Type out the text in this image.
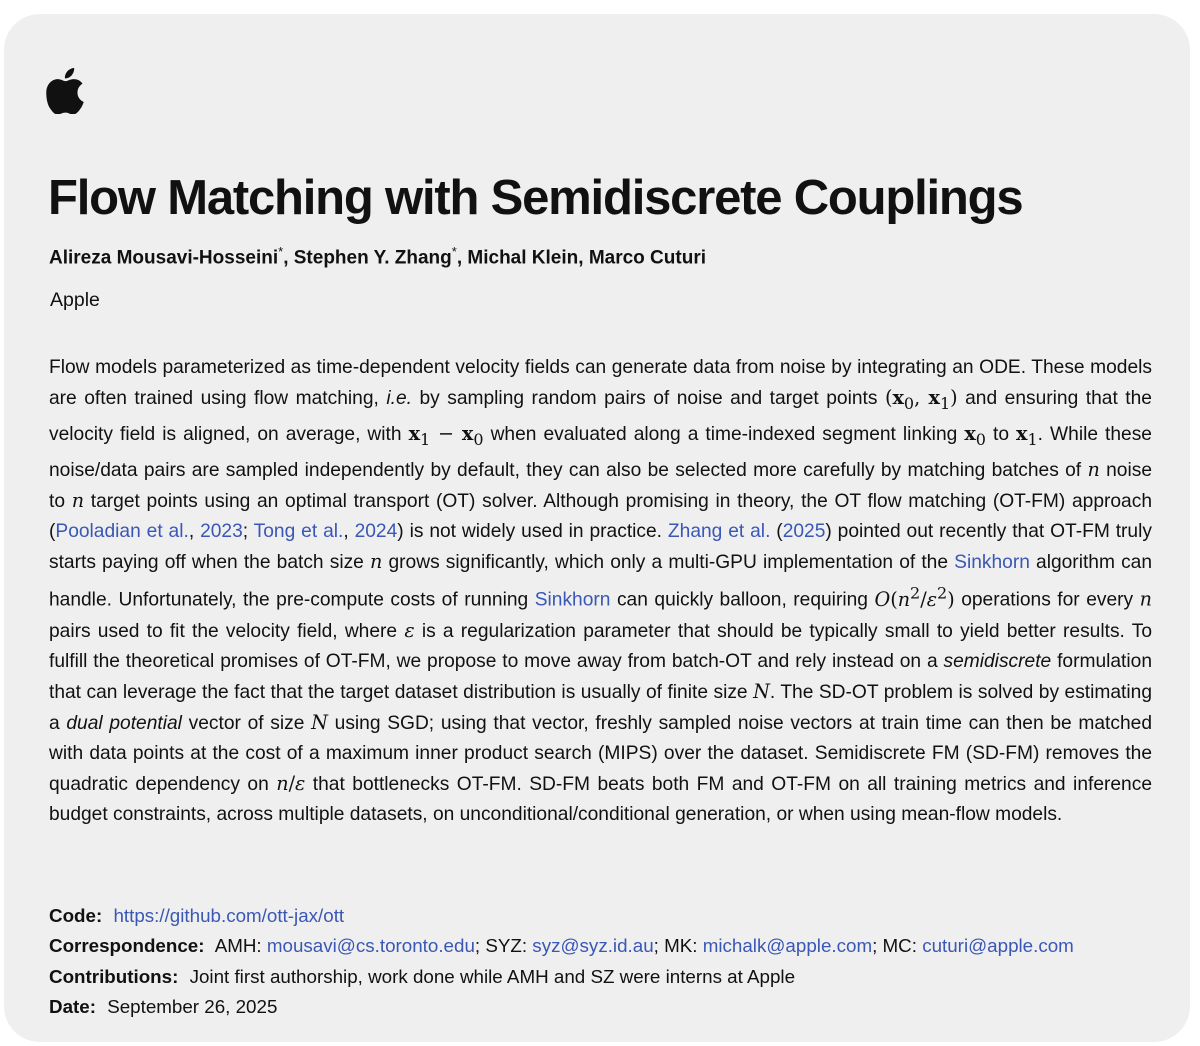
Flow Matching with Semidiscrete Couplings
Alireza Mousavi-Hosseini*, Stephen Y. Zhang*, Michal Klein, Marco Cuturi
Apple

Flow models parameterized as time-dependent velocity fields can generate data from noise by integrating an ODE. These models are often trained using flow matching, i.e. by sampling random pairs of noise and target points ($x_0$, $x_1$) and ensuring that the velocity field is aligned, on average, with $x_1 - x_0$ when evaluated along a time-indexed segment linking $x_0$ to $x_1$. While these noise/data pairs are sampled independently by default, they can also be selected more carefully by matching batches of n noise to n target points using an optimal transport (OT) solver. Although promising in theory, the OT flow matching (OT-FM) approach (Pooladian et al., 2023; Tong et al., 2024) is not widely used in practice. Zhang et al. (2025) pointed out recently that OT-FM truly starts paying off when the batch size n grows significantly, which only a multi-GPU implementation of the Sinkhorn algorithm can handle. Unfortunately, the pre-compute costs of running Sinkhorn can quickly balloon, requiring $O(n^2/\varepsilon^2)$ operations for every n pairs used to fit the velocity field, where ε is a regularization parameter that should be typically small to yield better results. To fulfill the theoretical promises of OT-FM, we propose to move away from batch-OT and rely instead on a semidiscrete formulation that can leverage the fact that the target dataset distribution is usually of finite size N. The SD-OT problem is solved by estimating a dual potential vector of size N using SGD; using that vector, freshly sampled noise vectors at train time can then be matched with data points at the cost of a maximum inner product search (MIPS) over the dataset. Semidiscrete FM (SD-FM) removes the quadratic dependency on n/ε that bottlenecks OT-FM. SD-FM beats both FM and OT-FM on all training metrics and inference budget constraints, across multiple datasets, on unconditional/conditional generation, or when using mean-flow models.

Code: https://github.com/ott-jax/ott
Correspondence: AMH: mousavi@cs.toronto.edu; SYZ: syz@syz.id.au; MK: michalk@apple.com; MC: cuturi@apple.com
Contributions: Joint first authorship, work done while AMH and SZ were interns at Apple
Date: September 26, 2025
